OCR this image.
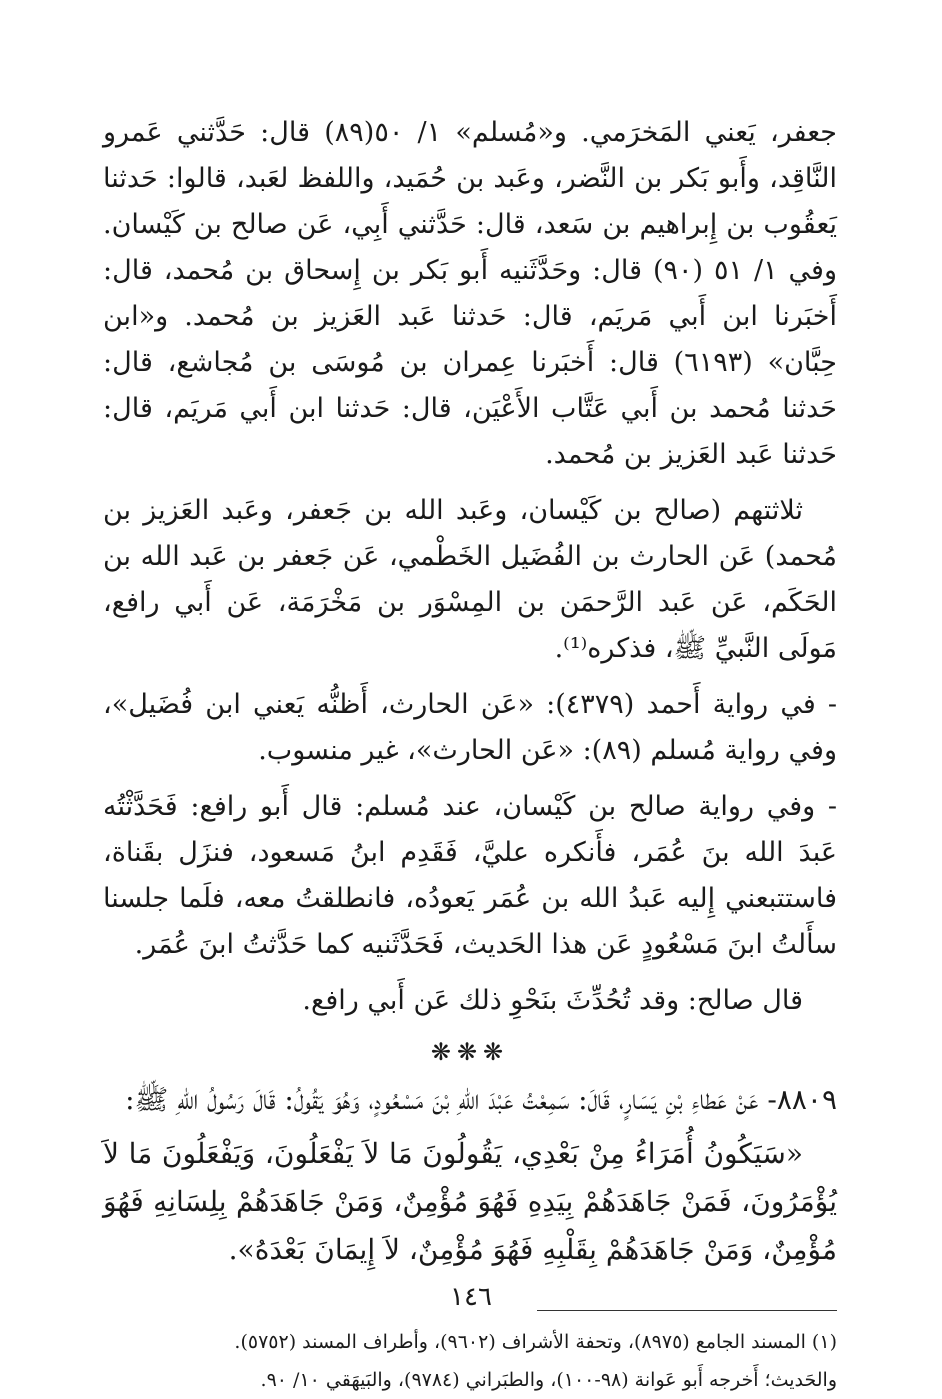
جعفر، يَعني المَخرَمي. و«مُسلم» ١/ ٥٠(٨٩) قال: حَدَّثني عَمرو النَّاقِد، وأَبو بَكر بن النَّضر، وعَبد بن حُمَيد، واللفظ لعَبد، قالوا: حَدثنا يَعقُوب بن إِبراهيم بن سَعد، قال: حَدَّثني أَبِي، عَن صالح بن كَيْسان. وفي ١/ ٥١ (٩٠) قال: وحَدَّثَنيه أَبو بَكر بن إِسحاق بن مُحمد، قال: أَخبَرنا ابن أَبي مَريَم، قال: حَدثنا عَبد العَزيز بن مُحمد. و«ابن حِبَّان» (٦١٩٣) قال: أَخبَرنا عِمران بن مُوسَى بن مُجاشع، قال: حَدثنا مُحمد بن أَبي عَتَّاب الأَعْيَن، قال: حَدثنا ابن أَبي مَريَم، قال: حَدثنا عَبد العَزيز بن مُحمد.

ثلاثتهم (صالح بن كَيْسان، وعَبد الله بن جَعفر، وعَبد العَزيز بن مُحمد) عَن الحارث بن الفُضَيل الخَطْمي، عَن جَعفر بن عَبد الله بن الحَكَم، عَن عَبد الرَّحمَن بن المِسْوَر بن مَخْرَمَة، عَن أَبي رافع، مَولَى النَّبيِّ ﷺ، فذكره⁽¹⁾.

- في رواية أَحمد (٤٣٧٩): «عَن الحارث، أَظنُّه يَعني ابن فُضَيل»، وفي رواية مُسلم (٨٩): «عَن الحارث»، غير منسوب.

- وفي رواية صالح بن كَيْسان، عند مُسلم: قال أَبو رافع: فَحَدَّثْتُه عَبدَ الله بنَ عُمَر، فأَنكره عليَّ، فَقَدِم ابنُ مَسعود، فنزَل بقَناة، فاستتبعني إِليه عَبدُ الله بن عُمَر يَعودُه، فانطلقتُ معه، فلَما جلسنا سأَلتُ ابنَ مَسْعُودٍ عَن هذا الحَديث، فَحَدَّثَنيه كما حَدَّثتُ ابنَ عُمَر.

قال صالح: وقد تُحُدِّثَ بنَحْوِ ذلك عَن أَبي رافع.

❋❋❋

٨٨٠٩- عَنْ عَطاءِ بْنِ يَسَارٍ، قَالَ: سَمِعْتُ عَبْدَ اللهِ بْنَ مَسْعُودٍ، وَهُوَ يَقُولُ: قَالَ رَسُولُ اللهِ ﷺ:

«سَيَكُونُ أُمَرَاءُ مِنْ بَعْدِي، يَقُولُونَ مَا لاَ يَفْعَلُونَ، وَيَفْعَلُونَ مَا لاَ يُؤْمَرُونَ، فَمَنْ جَاهَدَهُمْ بِيَدِهِ فَهُوَ مُؤْمِنٌ، وَمَنْ جَاهَدَهُمْ بِلِسَانِهِ فَهُوَ مُؤْمِنٌ، وَمَنْ جَاهَدَهُمْ بِقَلْبِهِ فَهُوَ مُؤْمِنٌ، لاَ إِيمَانَ بَعْدَهُ».

(١) المسند الجامع (٨٩٧٥)، وتحفة الأشراف (٩٦٠٢)، وأطراف المسند (٥٧٥٢).

والحَديث؛ أَخرجه أَبو عَوانة (٩٨-١٠٠)، والطبَراني (٩٧٨٤)، والبَيهَقي ١٠/ ٩٠.

١٤٦
